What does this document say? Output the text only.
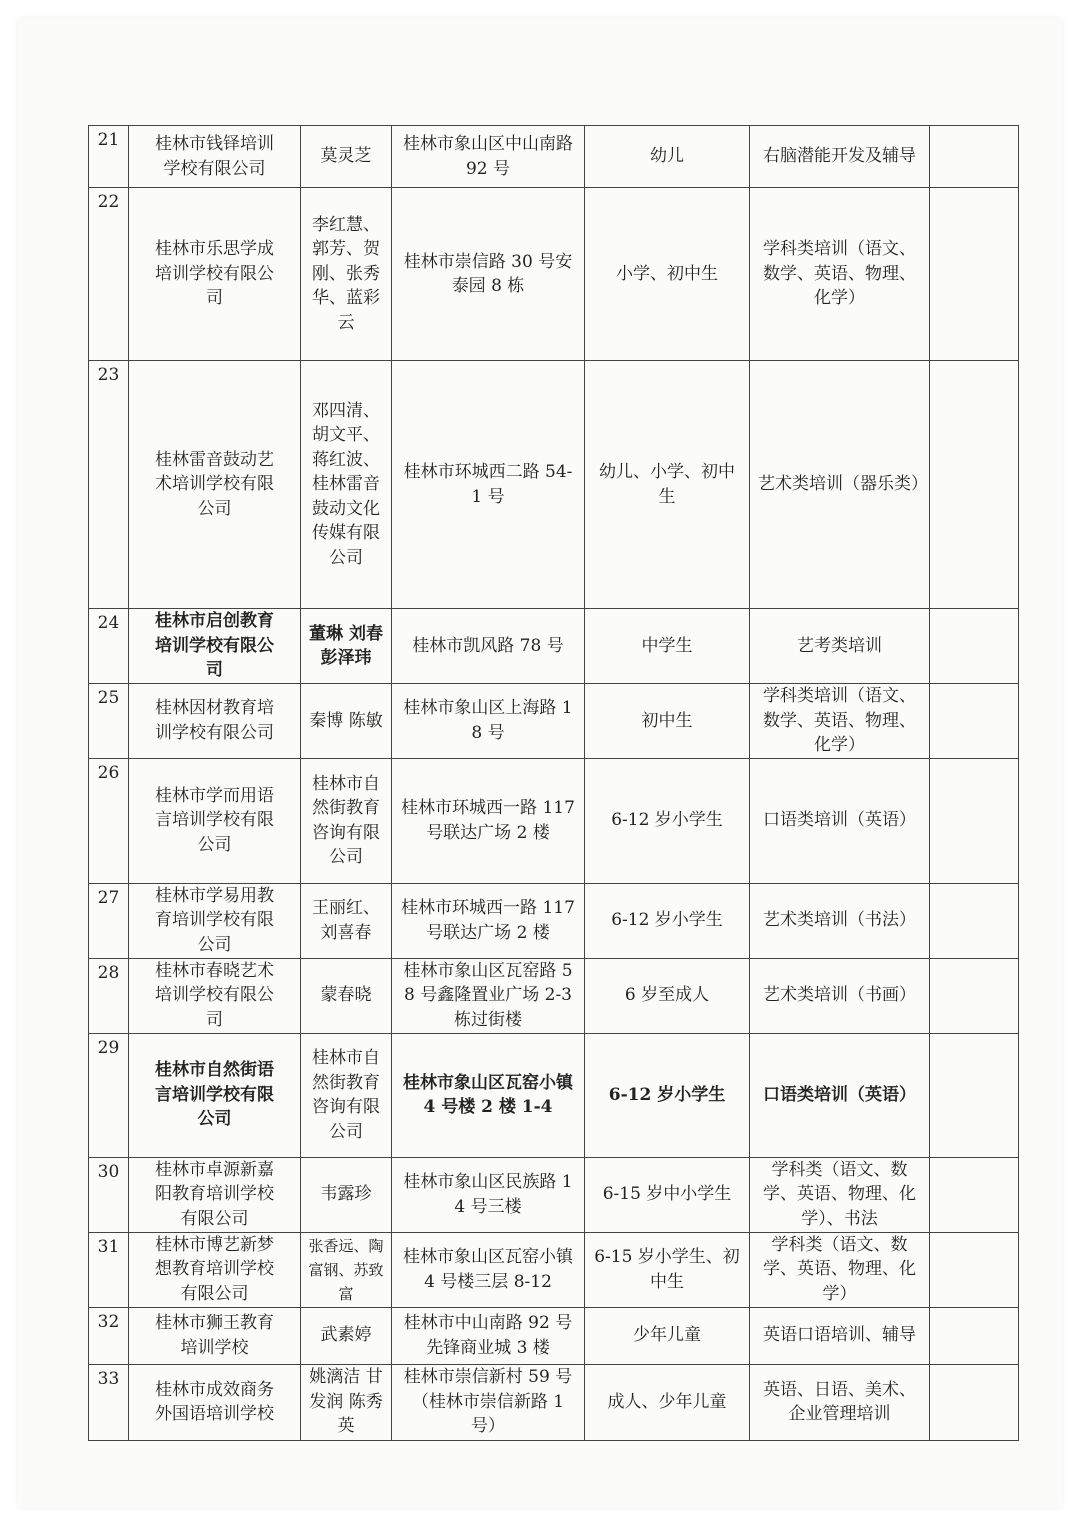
21	桂林市钱铎培训学校有限公司	莫灵芝	桂林市象山区中山南路 92 号	幼儿	右脑潜能开发及辅导	
22	桂林市乐思学成培训学校有限公司	李红慧、郭芳、贺刚、张秀华、蓝彩云	桂林市崇信路 30 号安泰园 8 栋	小学、初中生	学科类培训（语文、数学、英语、物理、化学）	
23	桂林雷音鼓动艺术培训学校有限公司	邓四清、胡文平、蒋红波、桂林雷音鼓动文化传媒有限公司	桂林市环城西二路 54-1 号	幼儿、小学、初中生	艺术类培训（器乐类）	
24	桂林市启创教育培训学校有限公司	董琳 刘春 彭泽玮	桂林市凯风路 78 号	中学生	艺考类培训	
25	桂林因材教育培训学校有限公司	秦博 陈敏	桂林市象山区上海路 18 号	初中生	学科类培训（语文、数学、英语、物理、化学）	
26	桂林市学而用语言培训学校有限公司	桂林市自然街教育咨询有限公司	桂林市环城西一路 117 号联达广场 2 楼	6-12 岁小学生	口语类培训（英语）	
27	桂林市学易用教育培训学校有限公司	王丽红、刘喜春	桂林市环城西一路 117 号联达广场 2 楼	6-12 岁小学生	艺术类培训（书法）	
28	桂林市春晓艺术培训学校有限公司	蒙春晓	桂林市象山区瓦窑路 58 号鑫隆置业广场 2-3 栋过街楼	6 岁至成人	艺术类培训（书画）	
29	桂林市自然街语言培训学校有限公司	桂林市自然街教育咨询有限公司	桂林市象山区瓦窑小镇 4 号楼 2 楼 1-4	6-12 岁小学生	口语类培训（英语）	
30	桂林市卓源新嘉阳教育培训学校有限公司	韦露珍	桂林市象山区民族路 14 号三楼	6-15 岁中小学生	学科类（语文、数学、英语、物理、化学）、书法	
31	桂林市博艺新梦想教育培训学校有限公司	张香远、陶富钢、苏致富	桂林市象山区瓦窑小镇 4 号楼三层 8-12	6-15 岁小学生、初中生	学科类（语文、数学、英语、物理、化学）	
32	桂林市狮王教育培训学校	武素婷	桂林市中山南路 92 号先锋商业城 3 楼	少年儿童	英语口语培训、辅导	
33	桂林市成效商务外国语培训学校	姚漓洁 甘发润 陈秀英	桂林市崇信新村 59 号（桂林市崇信新路 1 号）	成人、少年儿童	英语、日语、美术、企业管理培训	
